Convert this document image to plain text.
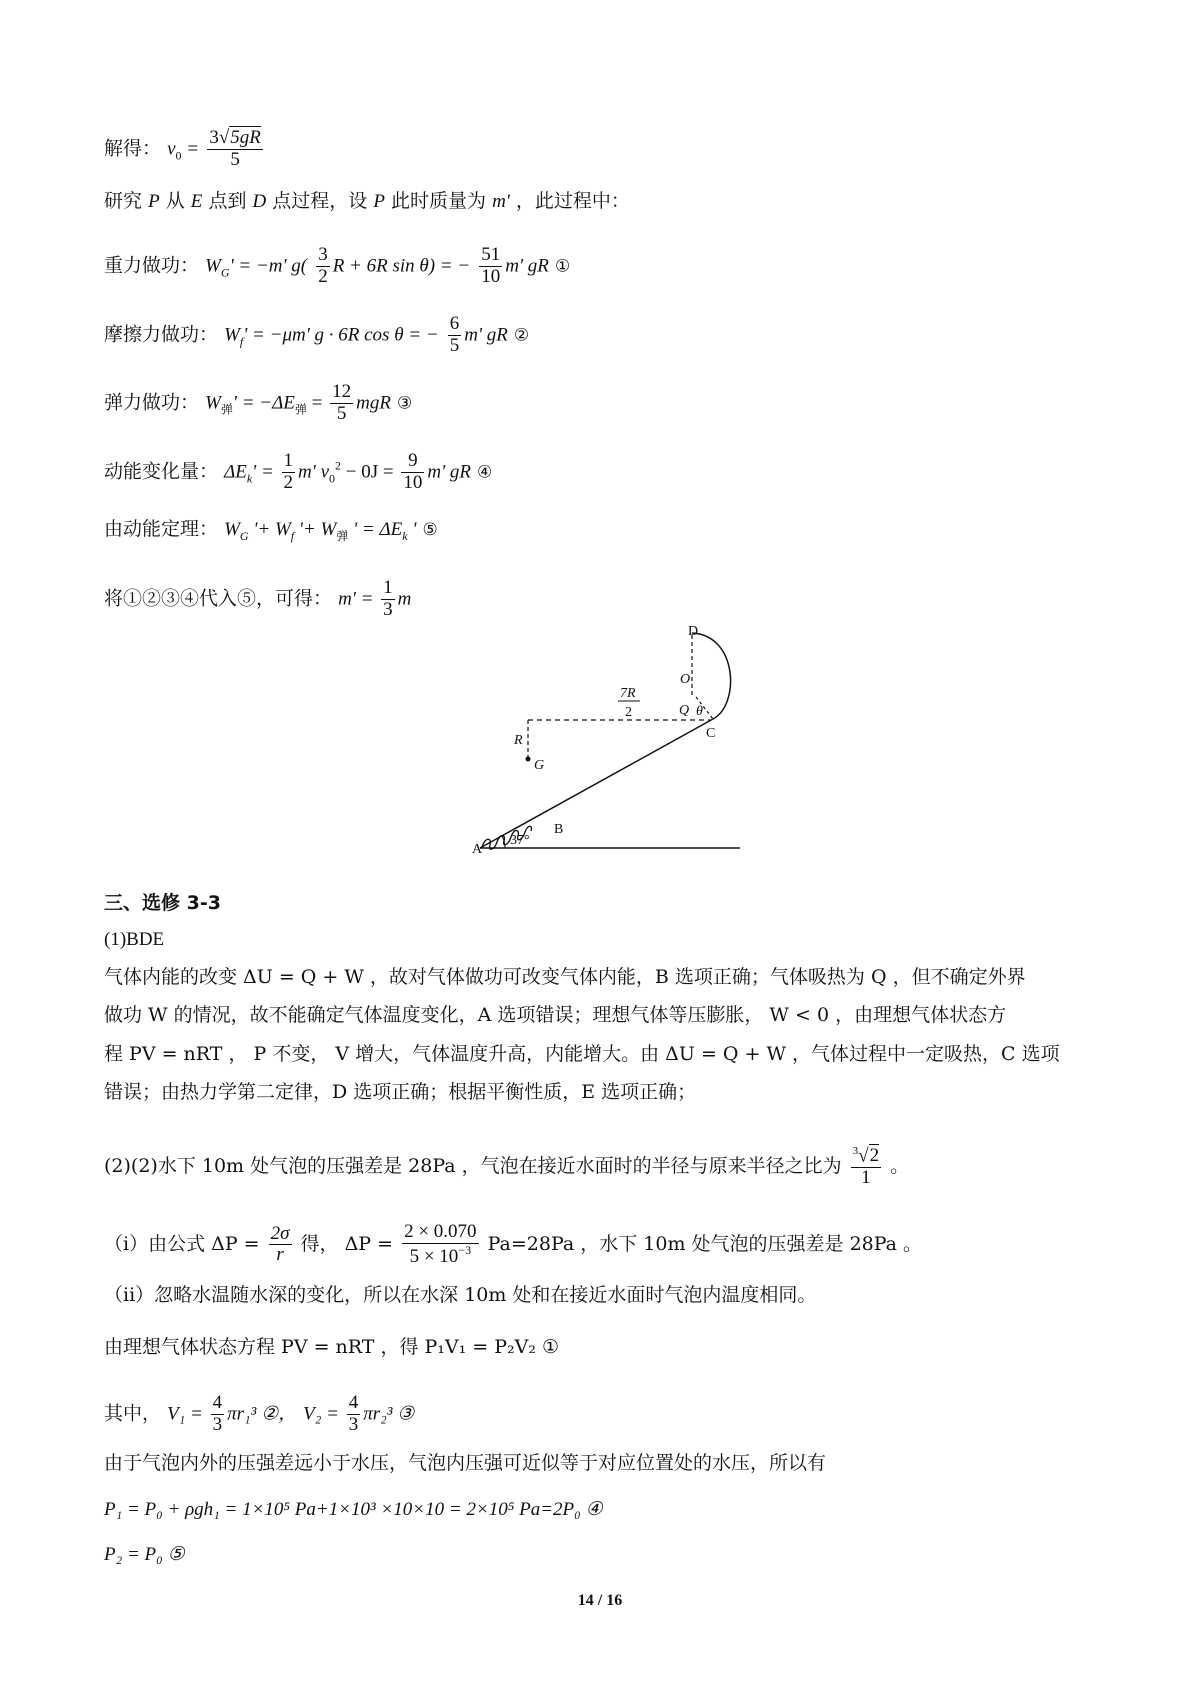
解得： $v_0 = \frac{3√5gR}{5}$
研究 P 从 E 点到 D 点过程，设 P 此时质量为 m' ，此过程中：
重力做功： $W_G' = -m'$ $g( \frac{3}{2}$ R + 6R sin θ) = − $\frac{51}{10} m'$ gR ①
摩擦力做功： $W_f' = -\mu m'$ g · 6R cos θ = − $\frac{6}{5} m'$ gR ②
弹力做功： $W_弹' = -\Delta E_弹 = \frac{12}{5}$ mgR ③
动能变化量： $\Delta E_k' = \frac{1}{2} m'$ $v_0^2 - 0J = \frac{9}{10} m'$ gR ④
由动能定理： $W_G$ '+ $W_f$ '+ $W_弹$ ' = $\Delta E_k$ ' ⑤
将①②③④代入⑤，可得： $m' = \frac{1}{3}$ m
D
O
Q θ
C
7R
2
R
G
B
A
37°
三、选修 3-3
(1)BDE
气体内能的改变 ΔU = Q + W ，故对气体做功可改变气体内能，B 选项正确；气体吸热为 Q ，但不确定外界
做功 W 的情况，故不能确定气体温度变化，A 选项错误；理想气体等压膨胀， W < 0 ，由理想气体状态方
程 PV = nRT ， P 不变， V 增大，气体温度升高，内能增大。由 ΔU = Q + W ，气体过程中一定吸热，C 选项
错误；由热力学第二定律，D 选项正确；根据平衡性质，E 选项正确；
(2)(2)水下 10m 处气泡的压强差是 28Pa ，气泡在接近水面时的半径与原来半径之比为 $\frac{^3√2}{1}$ 。
（i）由公式 $\Delta P = \frac{2\sigma}{r}$ 得， $\Delta P = \frac{2 \times 0.070}{5 \times 10^{-3}} Pa=28Pa$ ，水下 10m 处气泡的压强差是 28Pa 。
（ii）忽略水温随水深的变化，所以在水深 10m 处和在接近水面时气泡内温度相同。
由理想气体状态方程 PV = nRT ，得 P₁V₁ = P₂V₂ ①
其中， $V_1 = \frac{4}{3} \pi r_1^3$ ②， $V_2 = \frac{4}{3} \pi r_2^3$ ③
由于气泡内外的压强差远小于水压，气泡内压强可近似等于对应位置处的水压，所以有
P₁ = P₀ + ρgh₁ = 1×10⁵ Pa+1×10³ ×10×10 = 2×10⁵ Pa=2P₀ ④
P₂ = P₀ ⑤
14 / 16
